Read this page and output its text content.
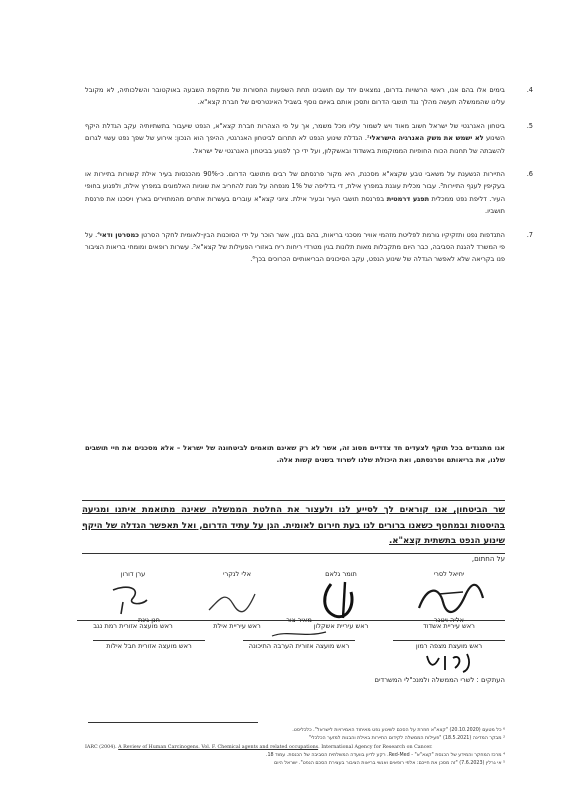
4.
בימים אלו בהם אנו, ראשי הרשויות בדרום, נמצאים יחד עם תושבינו תחת השפעות החסורות של מתקפת השבעה באוקטובר והשלכותיה, לא מקובל עלינו שהממשלה תעשה מהלך נגד תושבי הדרום ותסכן אותם באיום נוסף בשביל האינטרסים של חברת קצא"א.
5.
ביטחון האנרגטי של ישראל חשוב מאוד ויש לשמור עליו מכל משמר, אך על פי הצהרות חברת קצא"א, הנפט שיעבור בתשתיותיה עקב הגדלת היקף השינוע לא ישמש את משק האנרגיה הישראלי². הגדלת שינוע הנפט לא תתרום לביטחון האנרגטי, ההיפך הוא הנכון: אירוע של שפך נפט עשוי לגרום להשבתה של תחנות הכוח החופיות הממוקמות באשדוד ובאשקלון, ועל ידי כך לפגוע בביטחון האנרגטי של ישראל.
6.
התיירות הנשענת על משאבי טבע שקצא"א מסכנת, היא מקור פרנסתם של רבים מתושבי הדרום. כ-90% מהכנסות בעיר אילת קשורות בתיירות או בעקיפין לענף התיירות³. עבור מכלית עוגנת במפרץ אילת, די בדליפה של 1% מנפחה על מנת להחריב את שוניות האלמוגים במפרץ אילת, ולפגוע בחופי העיר. דליפת נפט ממכלית תפגע דרמטית בפרנסת תושבי העיר ובעיר אילת. ציוני קצא"א עוברים בעשרות אתרים מהמתוירים בארץ ויסכנו את פרנסת תושביו.
7.
התנדפות נפט ותזקיקיו גורמת לפליטת מזהמי אוויר מסכני בריאות, בהם בנזן, אשר הוכר על ידי הסוכנות הבין-לאומית לחקר הסרטן כמסרטן ודאי⁴. על פי המשרד להגנת הסביבה, כבר היום מתקבלות מאות תלונות בגין מטרדי ריחות ריח באזורי הפעילות של קצא"א⁵. עשרות רופאים ומומחי בריאות הציבור פנו בקריאה שלא לאפשר הגדלה של שינוע הנפט, עקב הסיכונים הבריאותיים הכרוכים בכך⁶.
אנו מתנגדים בכל תוקף לצעדים חד צדדיים מסוג זה, אשר לא רק שאינם תואמים לביטחונה של ישראל – אלא מסכנים את חיי תושבים שלנו, את בריאותם ופרנסתם, ואת היכולת שלנו לשרוד בשנים קשות אלה.
שר הביטחון, אנו קוראים לך לסייע לנו ולעצור את החלטת הממשלה שאינה מתואמת איתנו ומגיעה בהיסטות ובמחטף כשאנו ברורים לנו בעת חירום לאומית. הגן על עתיד הדרום, ואל תאפשר הגדלה של היקף שינוע הנפט בתשתית קצא"א.
על החתום,
יחיאל לסרי
ראש עיריית אשדוד
תומר גלאם
ראש עיריית אשקלון
אלי לנקרי
ראש עיריית אילת
ערן דורון
ראש מועצה אזורית רמת נגב
אליה ויטנר
ראש מועצת מצפה רמון
מאיר צור
ראש מועצה אזורית הערבה התיכונה
חנן גינת
ראש מועצה אזורית חבל אילות
העתקים : לשרי הממשלה ולמנכ"לי המשרדים
⁶ כל מטעם (20.10.2020) "קצא"א חוזרת על הסכם לשינוע נפט מאיחוד האמירויות לישראל". כלכליסט.
² מבקר המדינה (18.5.2021) "פעילות הממשלה לקידום התיירות באילת והבנות למזער הכלכלי"
IARC (2004). A Review of Human Carcinogens. Vol. F. Chemical agents and related occupations. International Agency for Research on Cancer.
⁴ מרכז המחקר והמידע של הכנסת "קצא"א" - Red-Med. רקע לדיון בוועדה המשלתית הסביבה של הכנסת. עמוד 18.
⁵ אי גרלין (7.6.2023) "זה מסכן את חייכם: אלפי רופאים ואנשי בריאות הציבור בעצירת הסכם הנפט". ישראל היום
